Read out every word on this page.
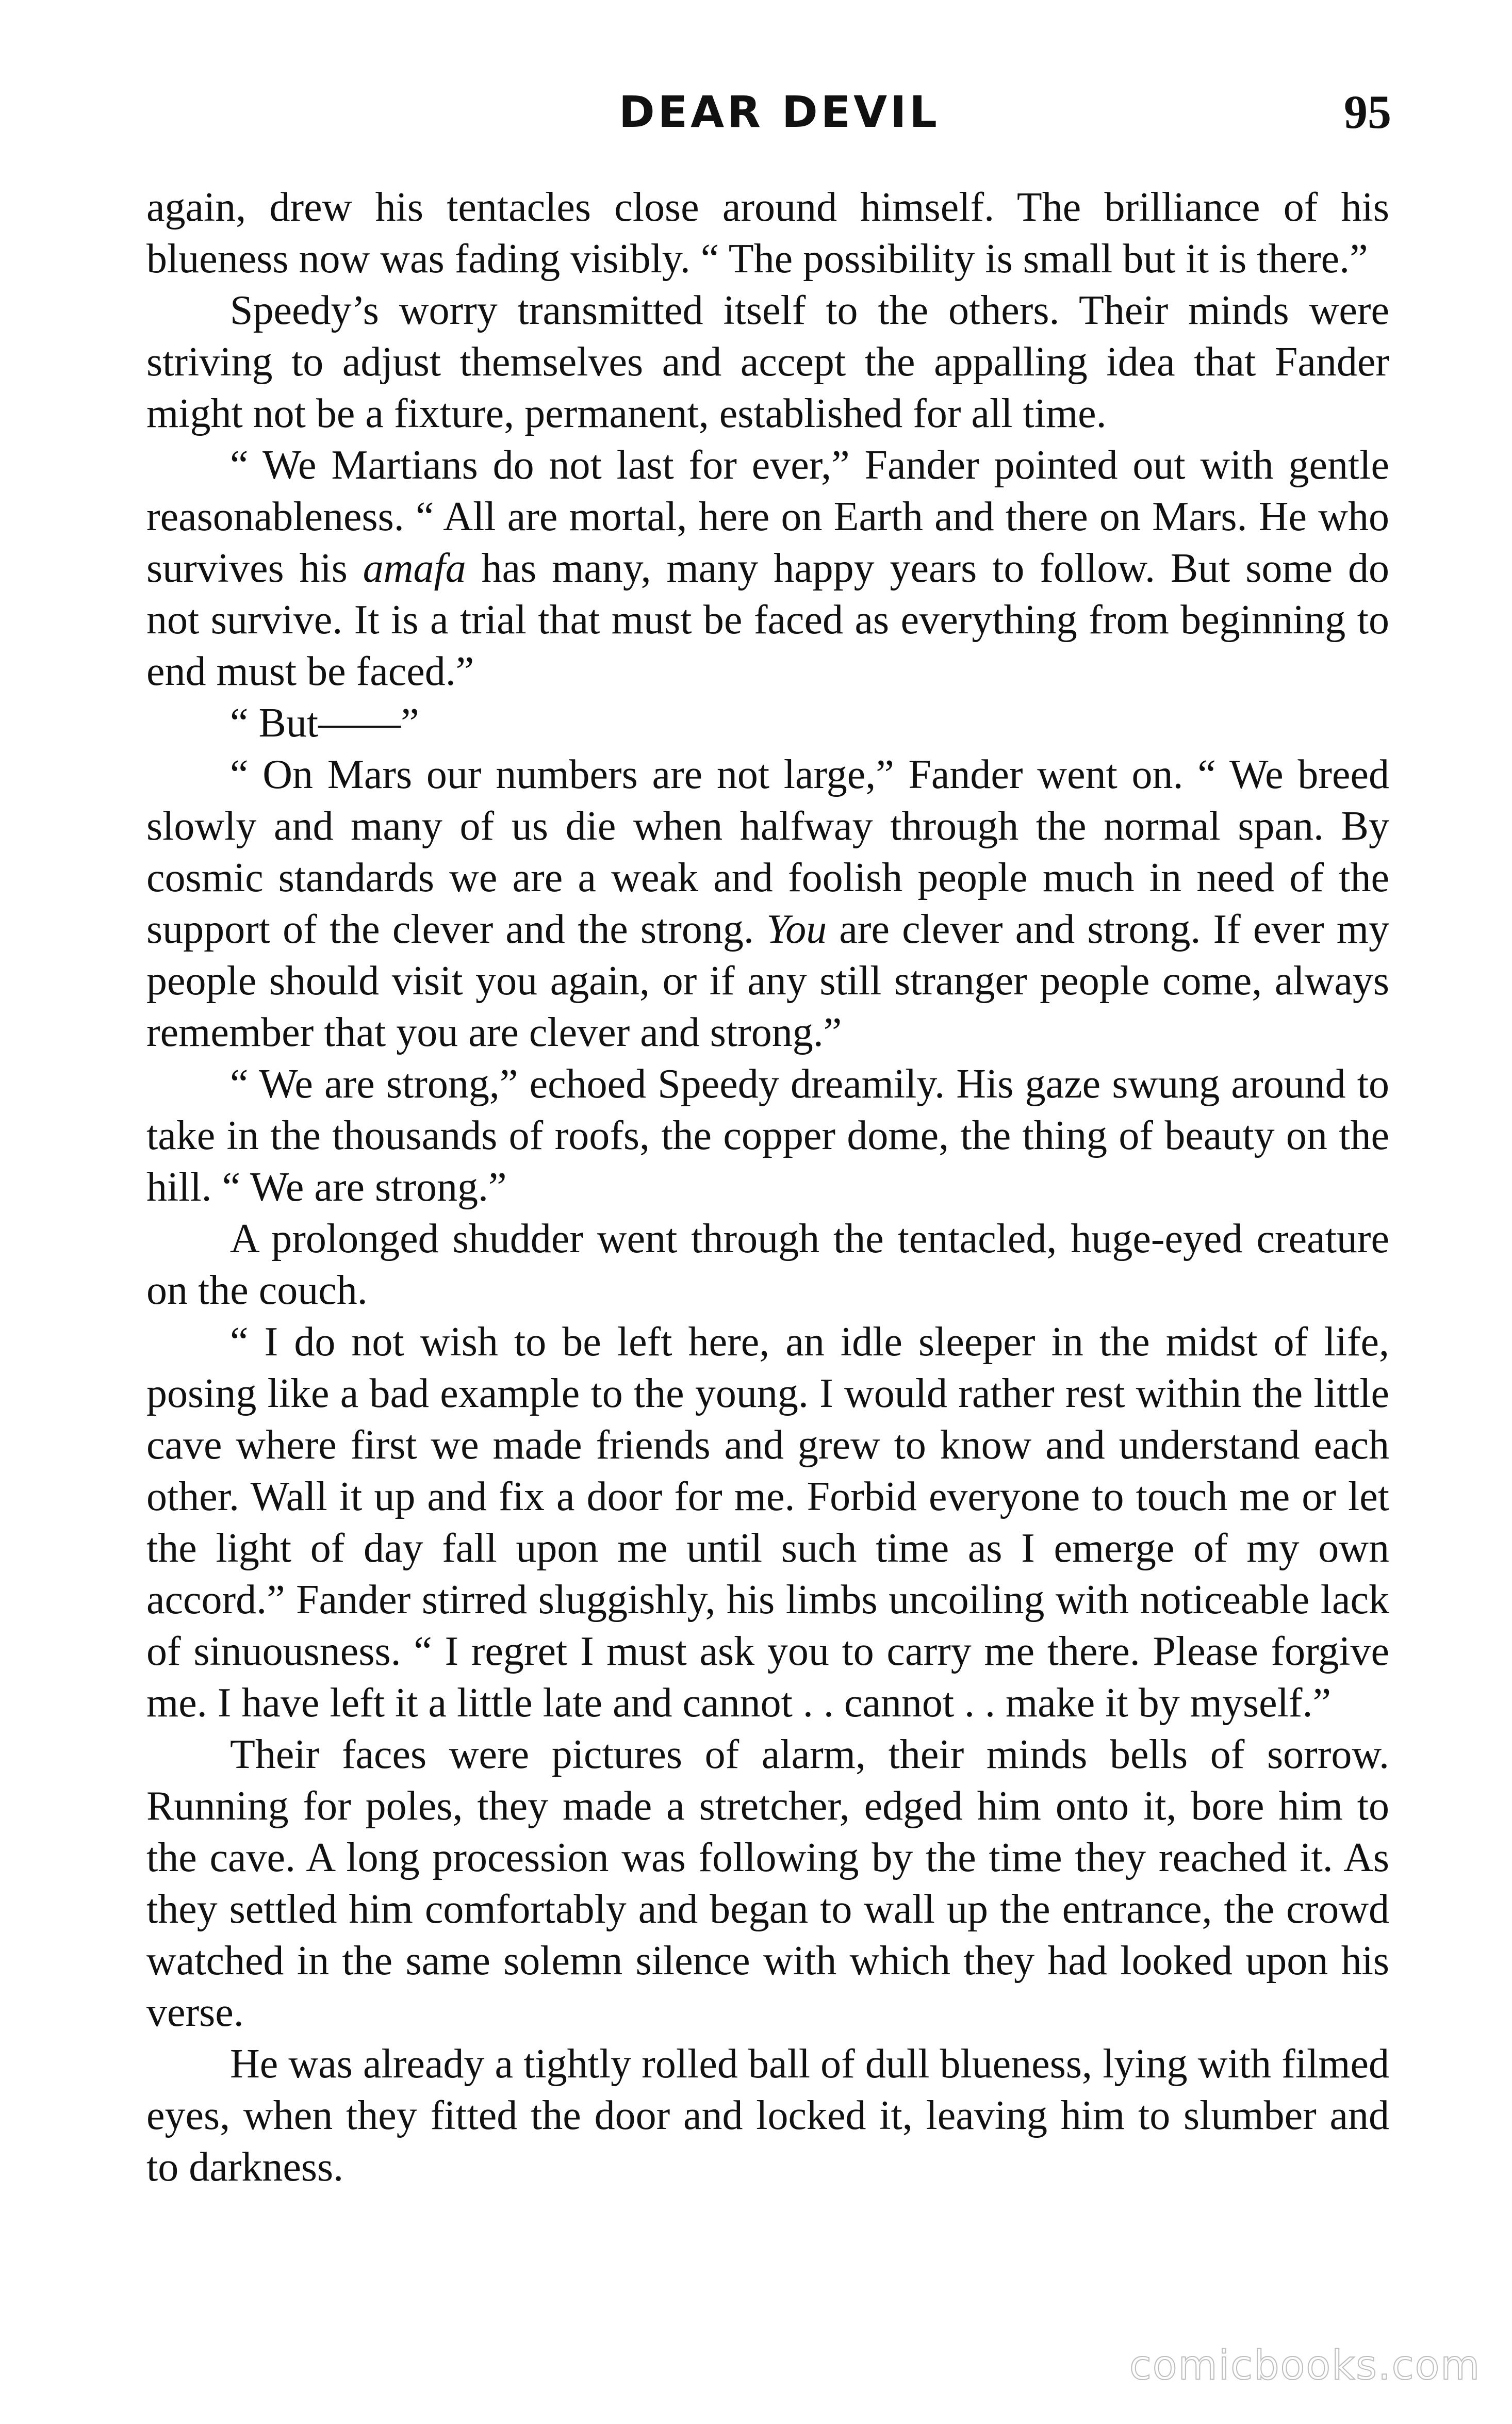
DEAR DEVIL	95

again, drew his tentacles close around himself. The brilliance of his blueness now was fading visibly. “ The possibility is small but it is there.”

Speedy’s worry transmitted itself to the others. Their minds were striving to adjust themselves and accept the appalling idea that Fander might not be a fixture, permanent, established for all time.

“ We Martians do not last for ever,” Fander pointed out with gentle reasonableness. “ All are mortal, here on Earth and there on Mars. He who survives his amafa has many, many happy years to follow. But some do not survive. It is a trial that must be faced as everything from beginning to end must be faced.”

“ But——”

“ On Mars our numbers are not large,” Fander went on. “ We breed slowly and many of us die when halfway through the normal span. By cosmic standards we are a weak and foolish people much in need of the support of the clever and the strong. You are clever and strong. If ever my people should visit you again, or if any still stranger people come, always remember that you are clever and strong.”

“ We are strong,” echoed Speedy dreamily. His gaze swung around to take in the thousands of roofs, the copper dome, the thing of beauty on the hill. “ We are strong.”

A prolonged shudder went through the tentacled, huge-eyed creature on the couch.

“ I do not wish to be left here, an idle sleeper in the midst of life, posing like a bad example to the young. I would rather rest within the little cave where first we made friends and grew to know and understand each other. Wall it up and fix a door for me. Forbid everyone to touch me or let the light of day fall upon me until such time as I emerge of my own accord.” Fander stirred sluggishly, his limbs uncoiling with noticeable lack of sinuousness. “ I regret I must ask you to carry me there. Please forgive me. I have left it a little late and cannot . . cannot . . make it by myself.”

Their faces were pictures of alarm, their minds bells of sorrow. Running for poles, they made a stretcher, edged him onto it, bore him to the cave. A long procession was following by the time they reached it. As they settled him comfortably and began to wall up the entrance, the crowd watched in the same solemn silence with which they had looked upon his verse.

He was already a tightly rolled ball of dull blueness, lying with filmed eyes, when they fitted the door and locked it, leaving him to slumber and to darkness.

comicbooks.com
